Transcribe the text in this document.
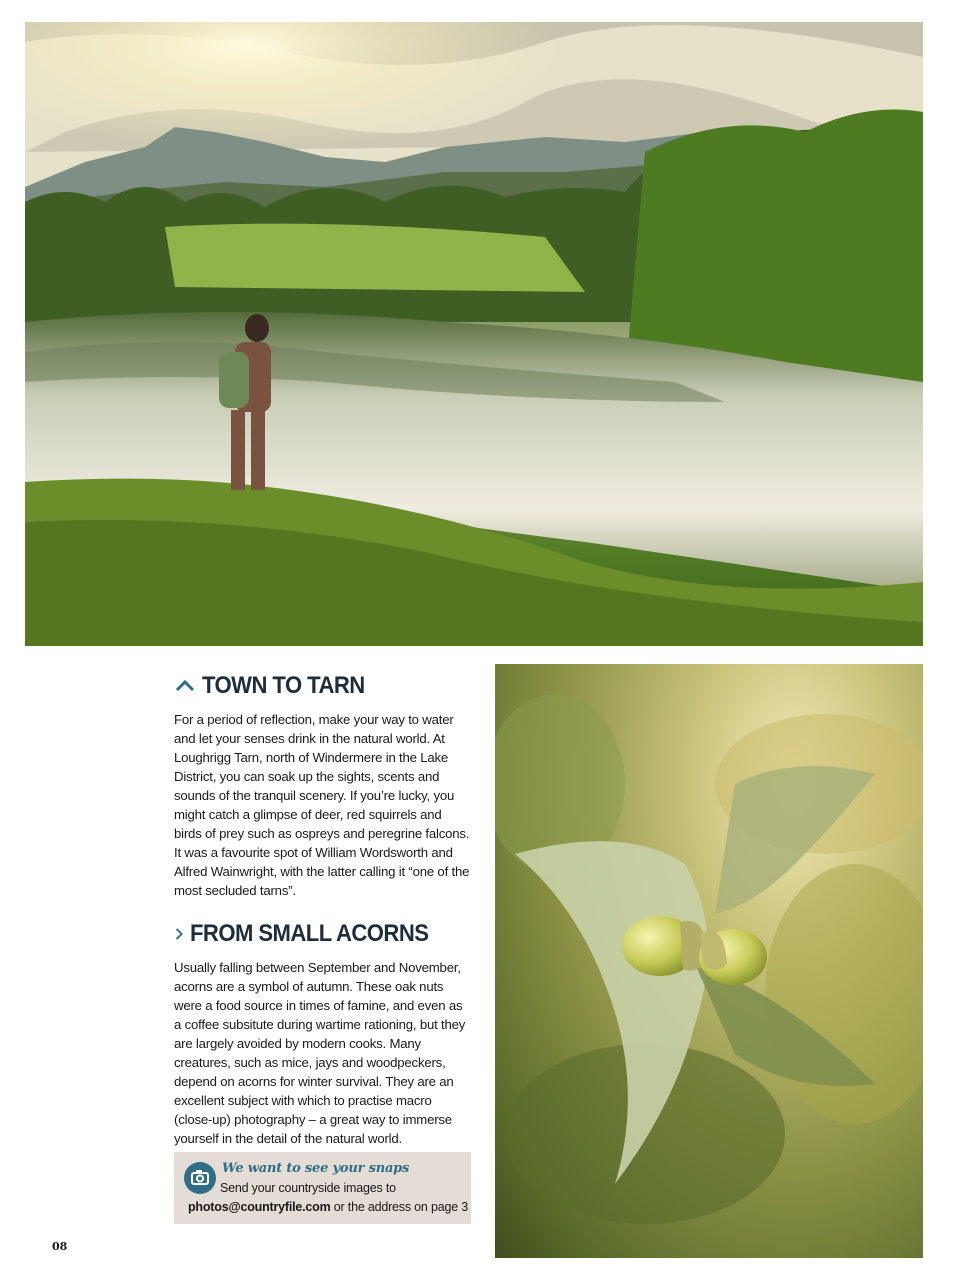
TOWN TO TARN

For a period of reflection, make your way to water and let your senses drink in the natural world. At Loughrigg Tarn, north of Windermere in the Lake District, you can soak up the sights, scents and sounds of the tranquil scenery. If you’re lucky, you might catch a glimpse of deer, red squirrels and birds of prey such as ospreys and peregrine falcons. It was a favourite spot of William Wordsworth and Alfred Wainwright, with the latter calling it “one of the most secluded tarns”.

FROM SMALL ACORNS

Usually falling between September and November, acorns are a symbol of autumn. These oak nuts were a food source in times of famine, and even as a coffee subsitute during wartime rationing, but they are largely avoided by modern cooks. Many creatures, such as mice, jays and woodpeckers, depend on acorns for winter survival. They are an excellent subject with which to practise macro (close-up) photography – a great way to immerse yourself in the detail of the natural world.

We want to see your snaps
Send your countryside images to
photos@countryfile.com or the address on page 3
08
